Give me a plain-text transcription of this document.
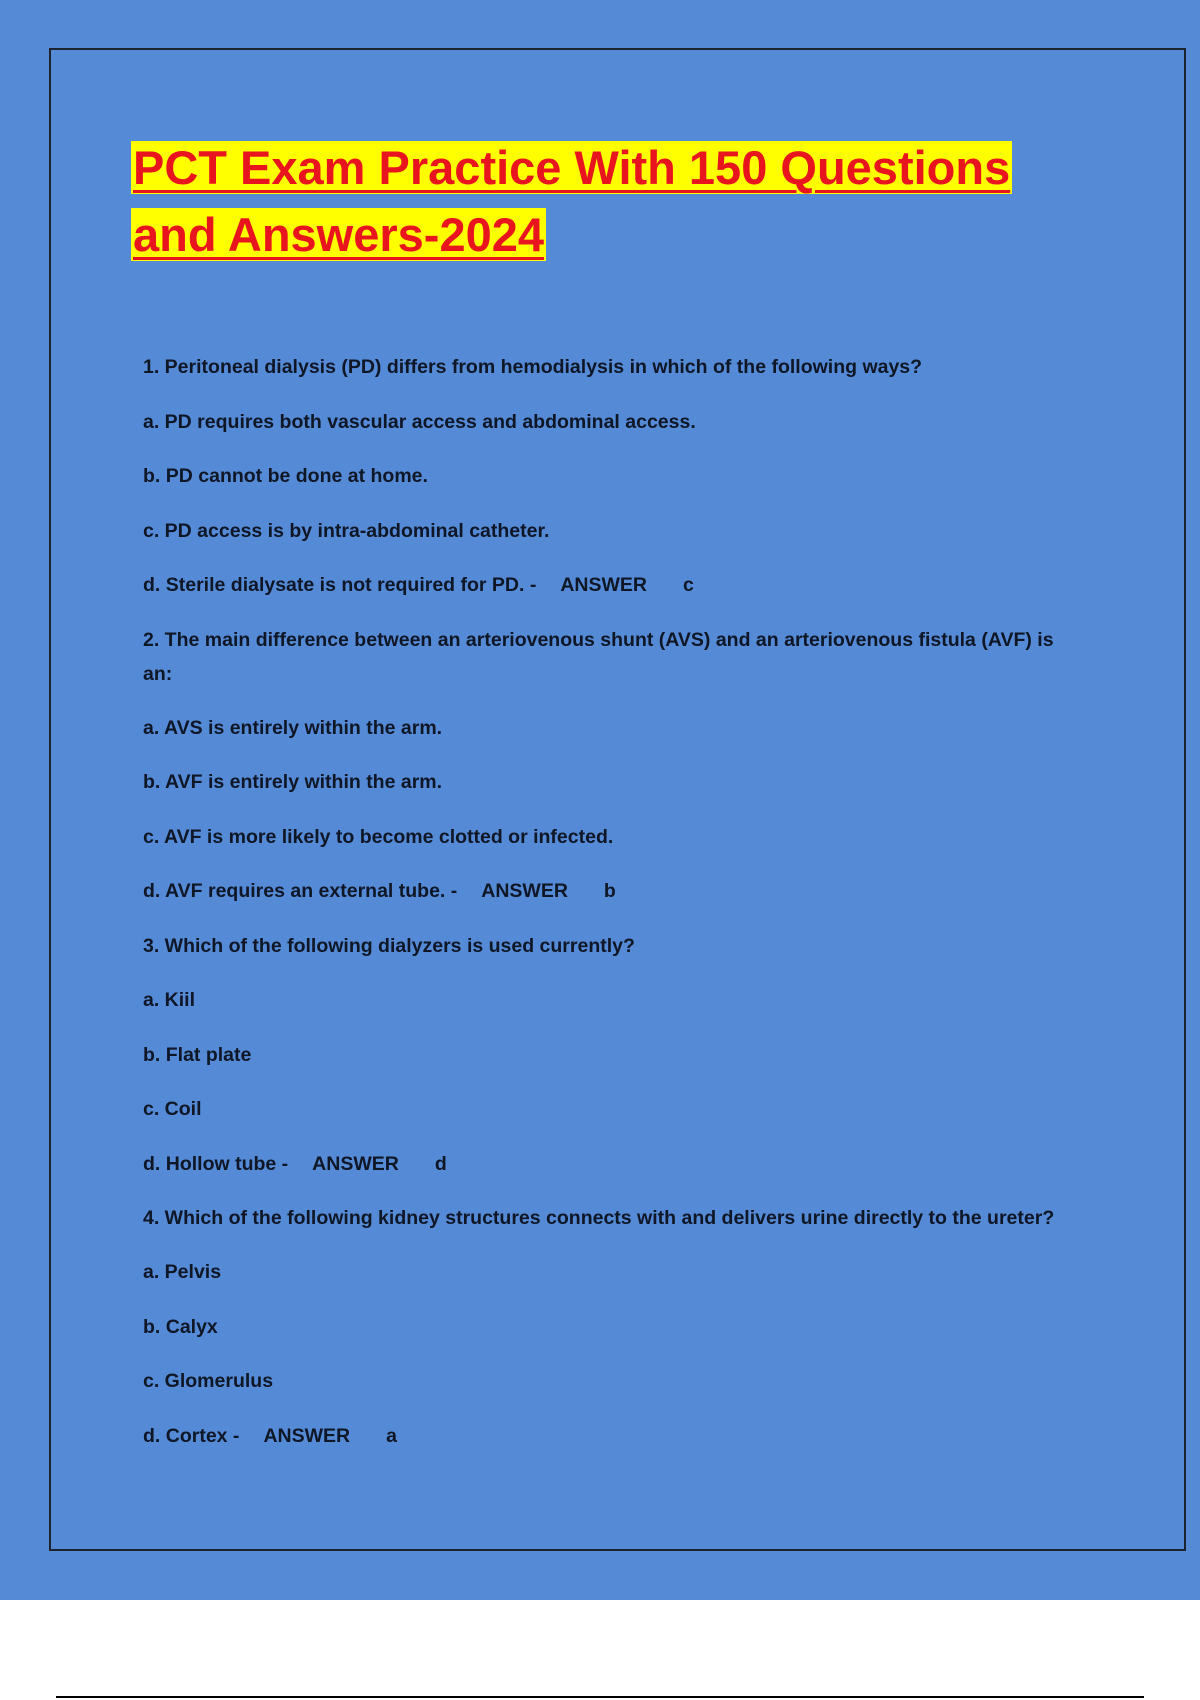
PCT Exam Practice With 150 Questions and Answers-2024

1. Peritoneal dialysis (PD) differs from hemodialysis in which of the following ways?

a. PD requires both vascular access and abdominal access.

b. PD cannot be done at home.

c. PD access is by intra-abdominal catheter.

d. Sterile dialysate is not required for PD. - ANSWER c

2. The main difference between an arteriovenous shunt (AVS) and an arteriovenous fistula (AVF) is an:

a. AVS is entirely within the arm.

b. AVF is entirely within the arm.

c. AVF is more likely to become clotted or infected.

d. AVF requires an external tube. - ANSWER b

3. Which of the following dialyzers is used currently?

a. Kiil

b. Flat plate

c. Coil

d. Hollow tube - ANSWER d

4. Which of the following kidney structures connects with and delivers urine directly to the ureter?

a. Pelvis

b. Calyx

c. Glomerulus

d. Cortex - ANSWER a
